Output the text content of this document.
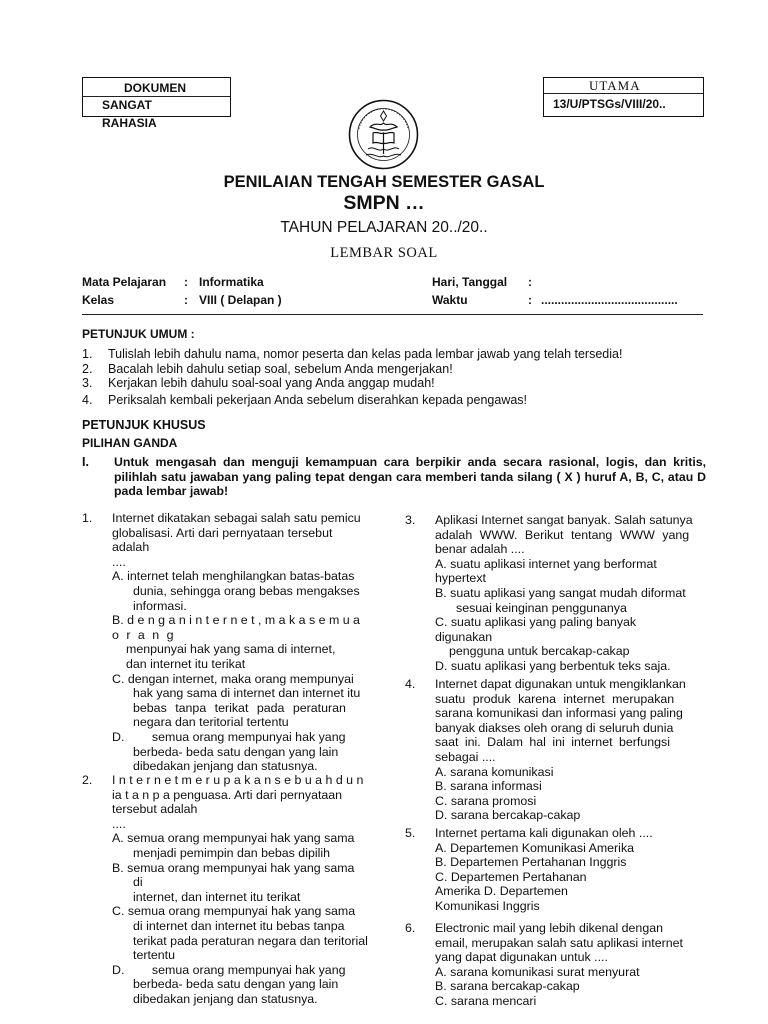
DOKUMEN
SANGAT
RAHASIA
UTAMA
13/U/PTSGs/VIII/20..
PENILAIAN TENGAH SEMESTER GASAL
SMPN …
TAHUN PELAJARAN 20../20..
LEMBAR SOAL
Mata Pelajaran : Informatika	Hari, Tanggal :
Kelas	: VIII ( Delapan )	Waktu	: .........................................
PETUNJUK UMUM :
1. Tulislah lebih dahulu nama, nomor peserta dan kelas pada lembar jawab yang telah tersedia!
2. Bacalah lebih dahulu setiap soal, sebelum Anda mengerjakan!
3. Kerjakan lebih dahulu soal-soal yang Anda anggap mudah!
4. Periksalah kembali pekerjaan Anda sebelum diserahkan kepada pengawas!
PETUNJUK KHUSUS
PILIHAN GANDA
I. Untuk mengasah dan menguji kemampuan cara berpikir anda secara rasional, logis, dan kritis, pilihlah satu jawaban yang paling tepat dengan cara memberi tanda silang ( X ) huruf A, B, C, atau D pada lembar jawab!
1. Internet dikatakan sebagai salah satu pemicu
globalisasi. Arti dari pernyataan tersebut
adalah
....
A. internet telah menghilangkan batas-batas
dunia, sehingga orang bebas mengakses
informasi.
B. d e n g a n i n t e r n e t , m a k a s e m u a
o r a n g
menpunyai hak yang sama di internet,
dan internet itu terikat
C. dengan internet, maka orang mempunyai
hak yang sama di internet dan internet itu
bebas tanpa terikat pada peraturan
negara dan teritorial tertentu
D.        semua orang mempunyai hak yang
berbeda- beda satu dengan yang lain
dibedakan jenjang dan statusnya.
2. I n t e r n e t m e r u p a k a n s e b u a h d u n
ia t a n p a penguasa. Arti dari pernyataan
tersebut adalah
....
A. semua orang mempunyai hak yang sama
menjadi pemimpin dan bebas dipilih
B. semua orang mempunyai hak yang sama
di
internet, dan internet itu terikat
C. semua orang mempunyai hak yang sama
di internet dan internet itu bebas tanpa
terikat pada peraturan negara dan teritorial
tertentu
D.        semua orang mempunyai hak yang
berbeda- beda satu dengan yang lain
dibedakan jenjang dan statusnya.
3. Aplikasi Internet sangat banyak. Salah satunya
adalah WWW. Berikut tentang WWW yang
benar adalah ....
A. suatu aplikasi internet yang berformat
hypertext
B. suatu aplikasi yang sangat mudah diformat
sesuai keinginan penggunanya
C. suatu aplikasi yang paling banyak
digunakan
pengguna untuk bercakap-cakap
D. suatu aplikasi yang berbentuk teks saja.
4. Internet dapat digunakan untuk mengiklankan
suatu produk karena internet merupakan
sarana komunikasi dan informasi yang paling
banyak diakses oleh orang di seluruh dunia
saat ini. Dalam hal ini internet berfungsi
sebagai ....
A. sarana komunikasi
B. sarana informasi
C. sarana promosi
D. sarana bercakap-cakap
5. Internet pertama kali digunakan oleh ....
A. Departemen Komunikasi Amerika
B. Departemen Pertahanan Inggris
C. Departemen Pertahanan
Amerika D. Departemen
Komunikasi Inggris
6. Electronic mail yang lebih dikenal dengan
email, merupakan salah satu aplikasi internet
yang dapat digunakan untuk ....
A. sarana komunikasi surat menyurat
B. sarana bercakap-cakap
C. sarana mencari
